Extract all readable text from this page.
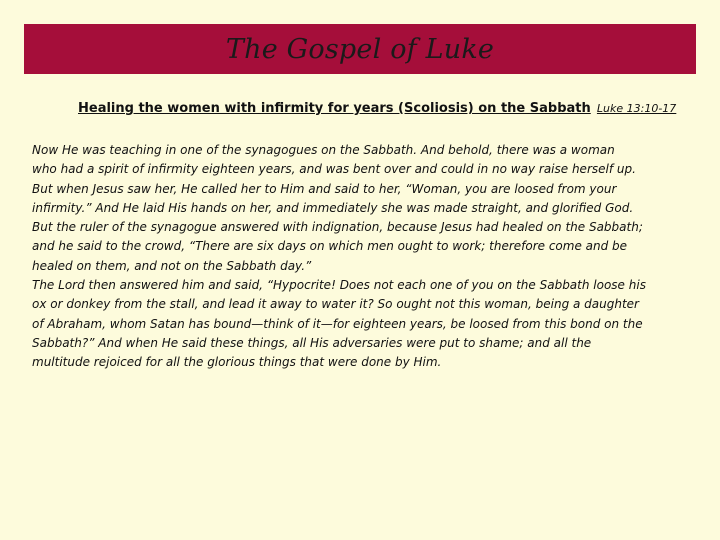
The Gospel of Luke
Healing the women with infirmity for years (Scoliosis) on the Sabbath Luke 13:10-17
Now He was teaching in one of the synagogues on the Sabbath. And behold, there was a woman
who had a spirit of infirmity eighteen years, and was bent over and could in no way raise herself up.
But when Jesus saw her, He called her to Him and said to her, “Woman, you are loosed from your
infirmity.” And He laid His hands on her, and immediately she was made straight, and glorified God.
But the ruler of the synagogue answered with indignation, because Jesus had healed on the Sabbath;
and he said to the crowd, “There are six days on which men ought to work; therefore come and be
healed on them, and not on the Sabbath day.”
The Lord then answered him and said, “Hypocrite! Does not each one of you on the Sabbath loose his
ox or donkey from the stall, and lead it away to water it? So ought not this woman, being a daughter
of Abraham, whom Satan has bound—think of it—for eighteen years, be loosed from this bond on the
Sabbath?” And when He said these things, all His adversaries were put to shame; and all the
multitude rejoiced for all the glorious things that were done by Him.
